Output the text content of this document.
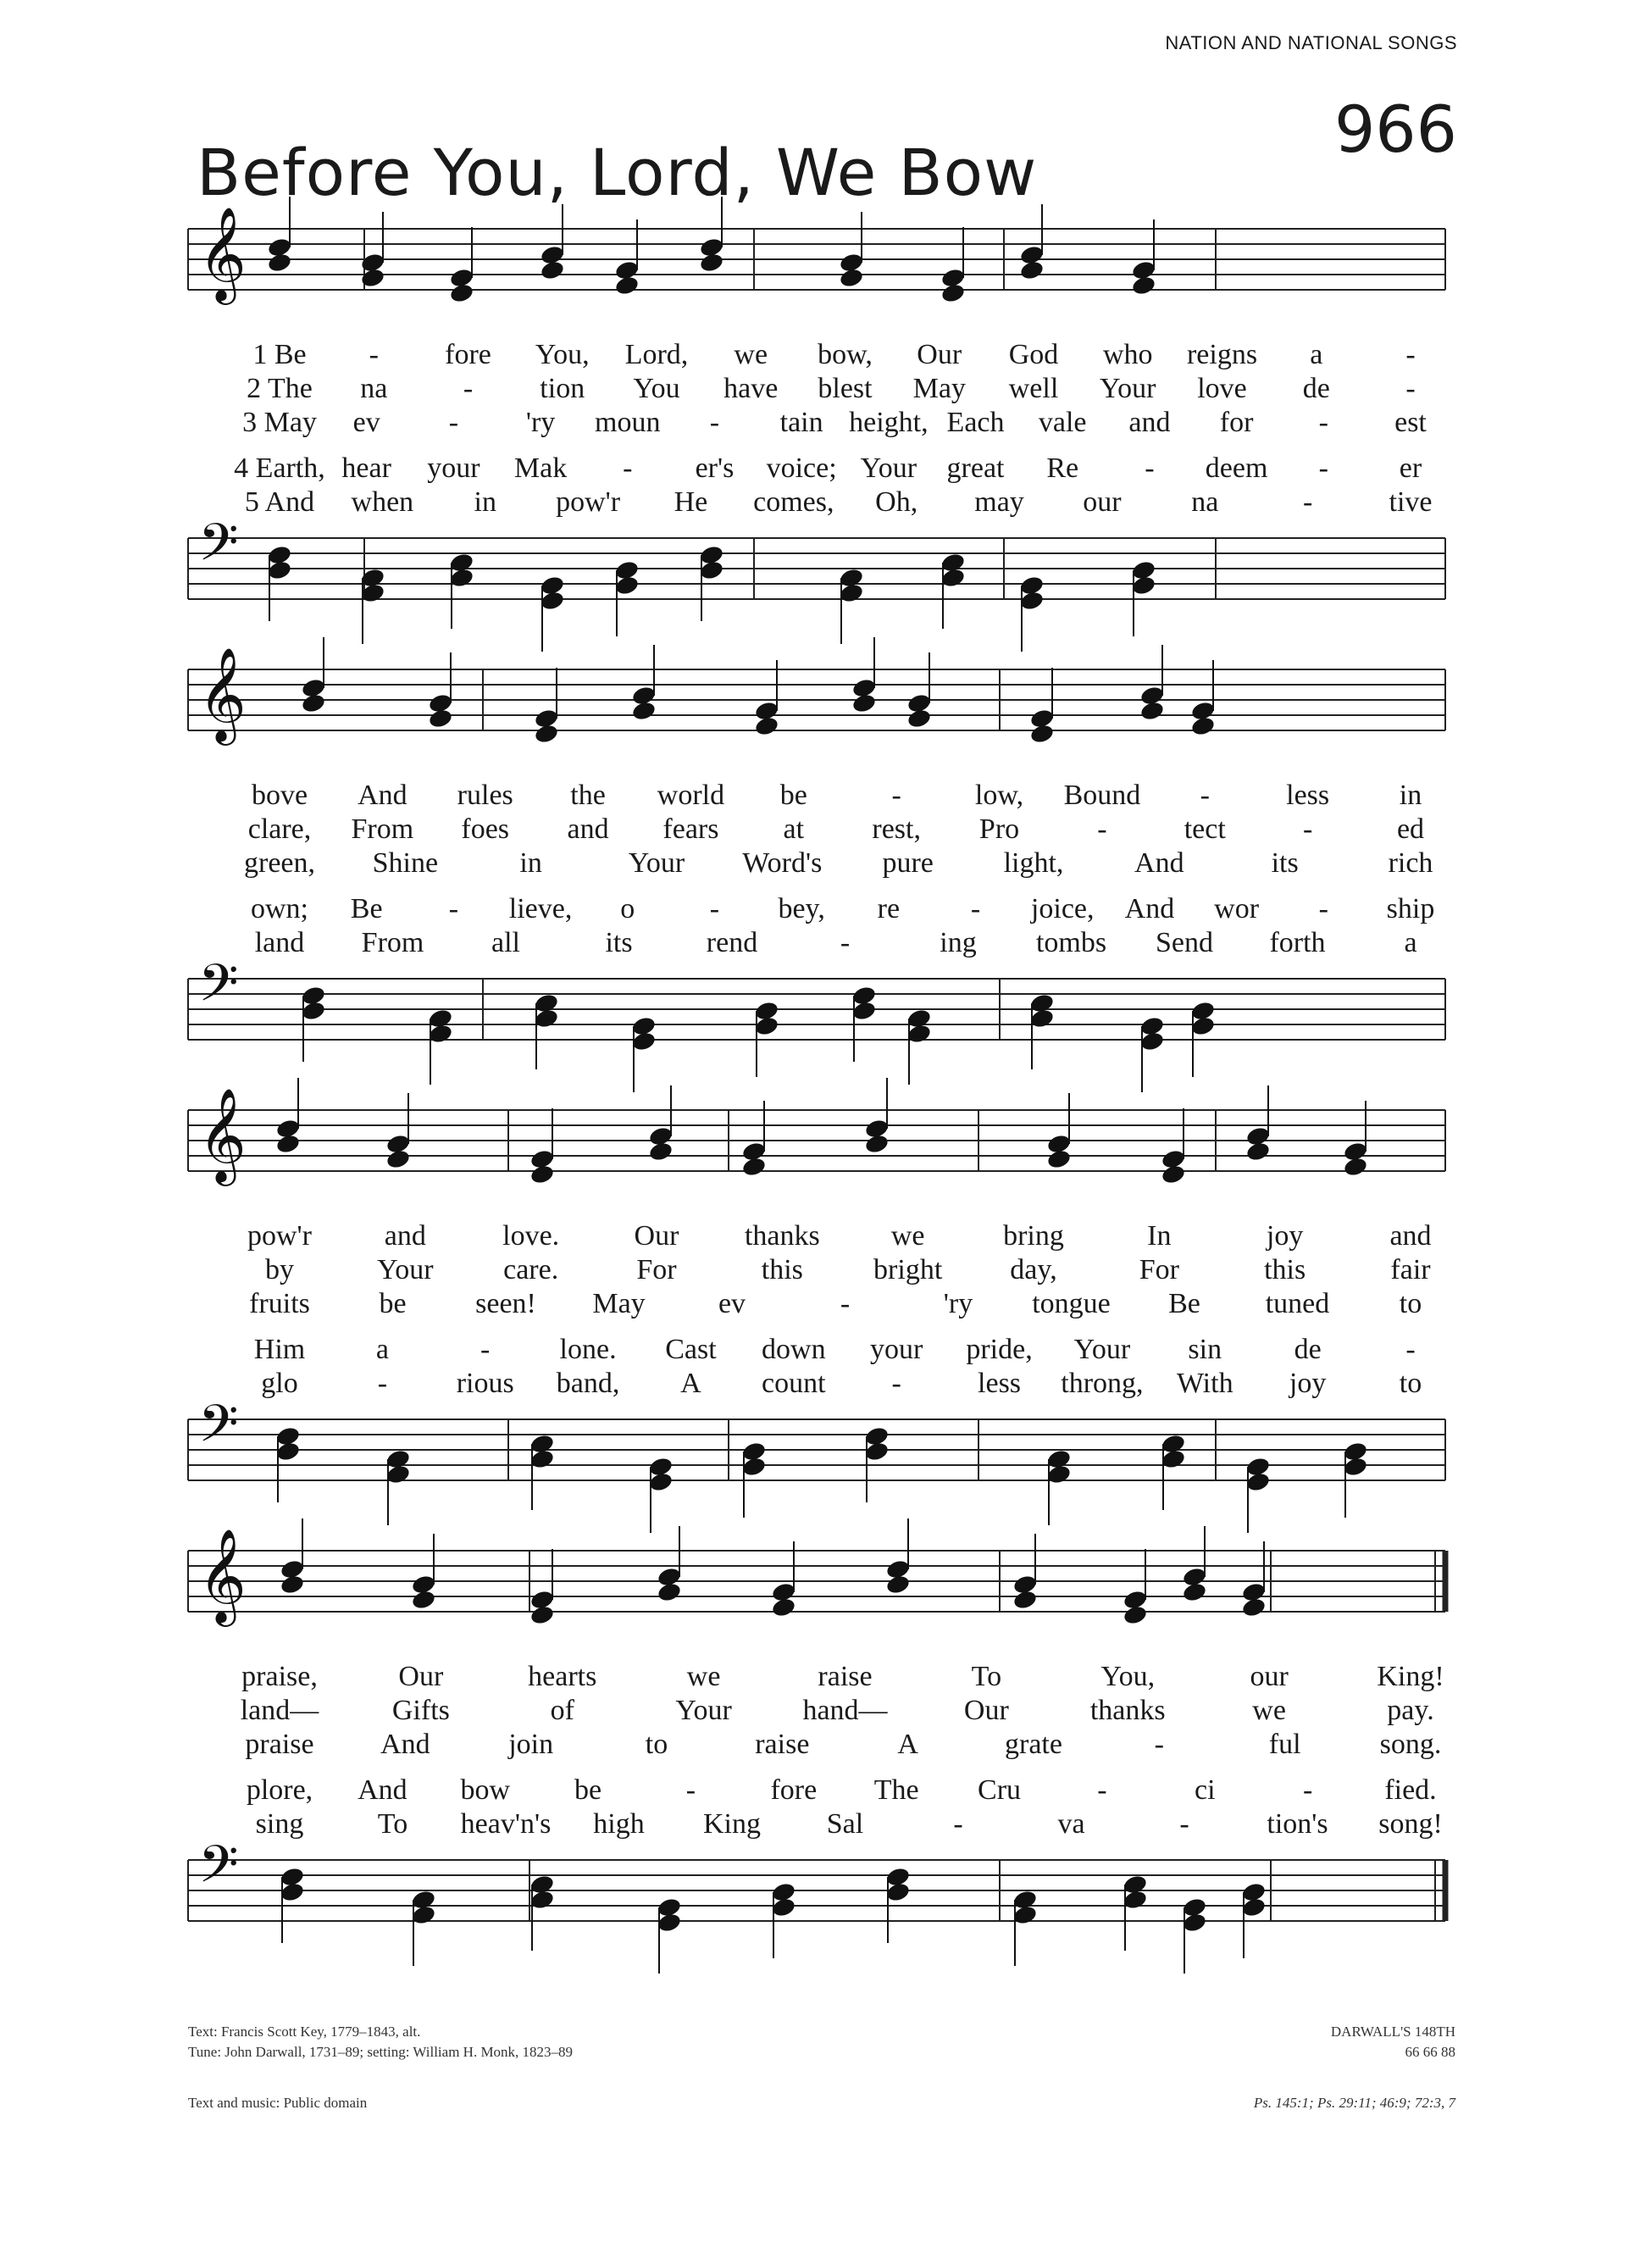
NATION AND NATIONAL SONGS
Before You, Lord, We Bow
966
𝄞
𝄢
1 Be - fore You, Lord, we bow, Our God who reigns a	-
2 The na	- tion You have blest May well Your love de	-
3 May ev - 'ry moun - tain height, Each vale and for - est
4 Earth, hear your Mak - er's voice; Your great Re - deem - er
5 And when in pow'r He comes, Oh, may our na	-	tive
𝄞
𝄢
bove And rules the world be	-	low, Bound -	less in
clare, From foes and fears at rest, Pro	-	tect	-	ed
green, Shine	in	Your Word's pure light, And	its	rich
own; Be - lieve, o	- bey, re - joice, And wor - ship
land From all	its	rend	-	ing tombs Send forth	a
𝄞
𝄢
pow'r	and	love.	Our thanks we	bring	In	joy	and
by	Your care.	For	this bright day,	For	this	fair
fruits be seen! May	ev	-	'ry tongue Be tuned to
Him a	- lone. Cast down your pride, Your sin	de	-
glo	- rious band, A count -	less throng, With joy	to
𝄞
𝄢
praise,	Our	hearts	we	raise	To	You,	our	King!
land—	Gifts	of	Your hand—	Our	thanks	we	pay.
praise And	join	to	raise	A	grate	-	ful	song.
plore, And bow be	-	fore The Cru	-	ci	-	fied.
sing	To heav'n's high King Sal	-	va	-	tion's song!
Text: Francis Scott Key, 1779–1843, alt.
Tune: John Darwall, 1731–89; setting: William H. Monk, 1823–89
DARWALL'S 148TH
66 66 88
Text and music: Public domain	Ps. 145:1; Ps. 29:11; 46:9; 72:3, 7
